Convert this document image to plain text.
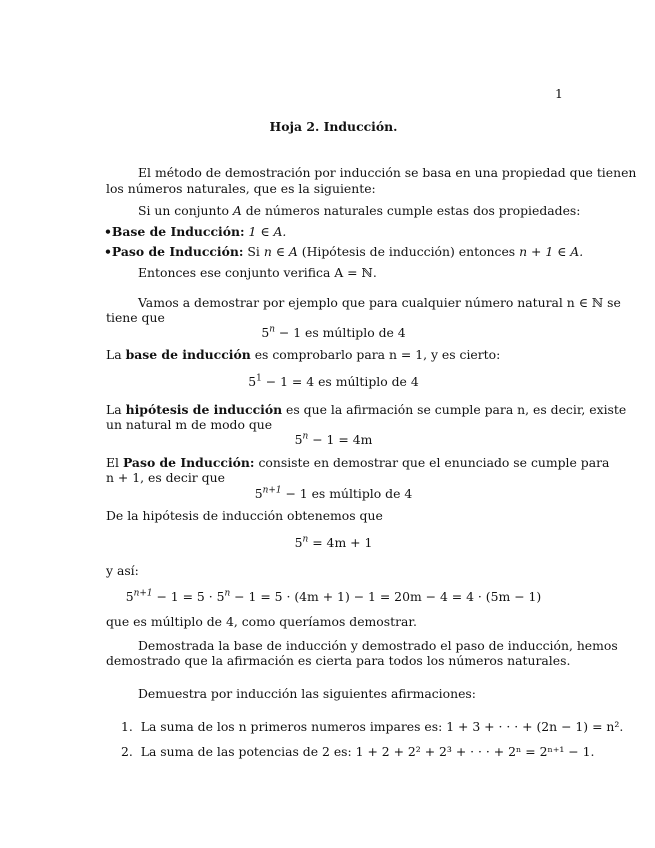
1
Hoja 2. Inducción.
El método de demostración por inducción se basa en una propiedad que tienen
los números naturales, que es la siguiente:
Si un conjunto A de números naturales cumple estas dos propiedades:
•Base de Inducción: 1 ∈ A.
•Paso de Inducción: Si n ∈ A (Hipótesis de inducción) entonces n + 1 ∈ A.
Entonces ese conjunto verifica A = ℕ.
Vamos a demostrar por ejemplo que para cualquier número natural n ∈ ℕ se
tiene que
$5^n - 1$ es múltiplo de 4
La base de inducción es comprobarlo para n = 1, y es cierto:
$5^1 - 1 = 4$ es múltiplo de 4
La hipótesis de inducción es que la afirmación se cumple para n, es decir, existe
un natural m de modo que
$5^n - 1 = 4m$
El Paso de Inducción: consiste en demostrar que el enunciado se cumple para
n + 1, es decir que
$5^{n+1} - 1$ es múltiplo de 4
De la hipótesis de inducción obtenemos que
$5^n = 4m + 1$
y así:
$5^{n+1} - 1 = 5 \cdot 5^n - 1 = 5 \cdot (4m + 1) - 1 = 20m - 4 = 4 \cdot (5m - 1)$
que es múltiplo de 4, como queríamos demostrar.
Demostrada la base de inducción y demostrado el paso de inducción, hemos
demostrado que la afirmación es cierta para todos los números naturales.
Demuestra por inducción las siguientes afirmaciones:
1. La suma de los n primeros numeros impares es: 1 + 3 + · · · + (2n − 1) = n².
2. La suma de las potencias de 2 es: 1 + 2 + 2² + 2³ + · · · + 2ⁿ = 2ⁿ⁺¹ − 1.
